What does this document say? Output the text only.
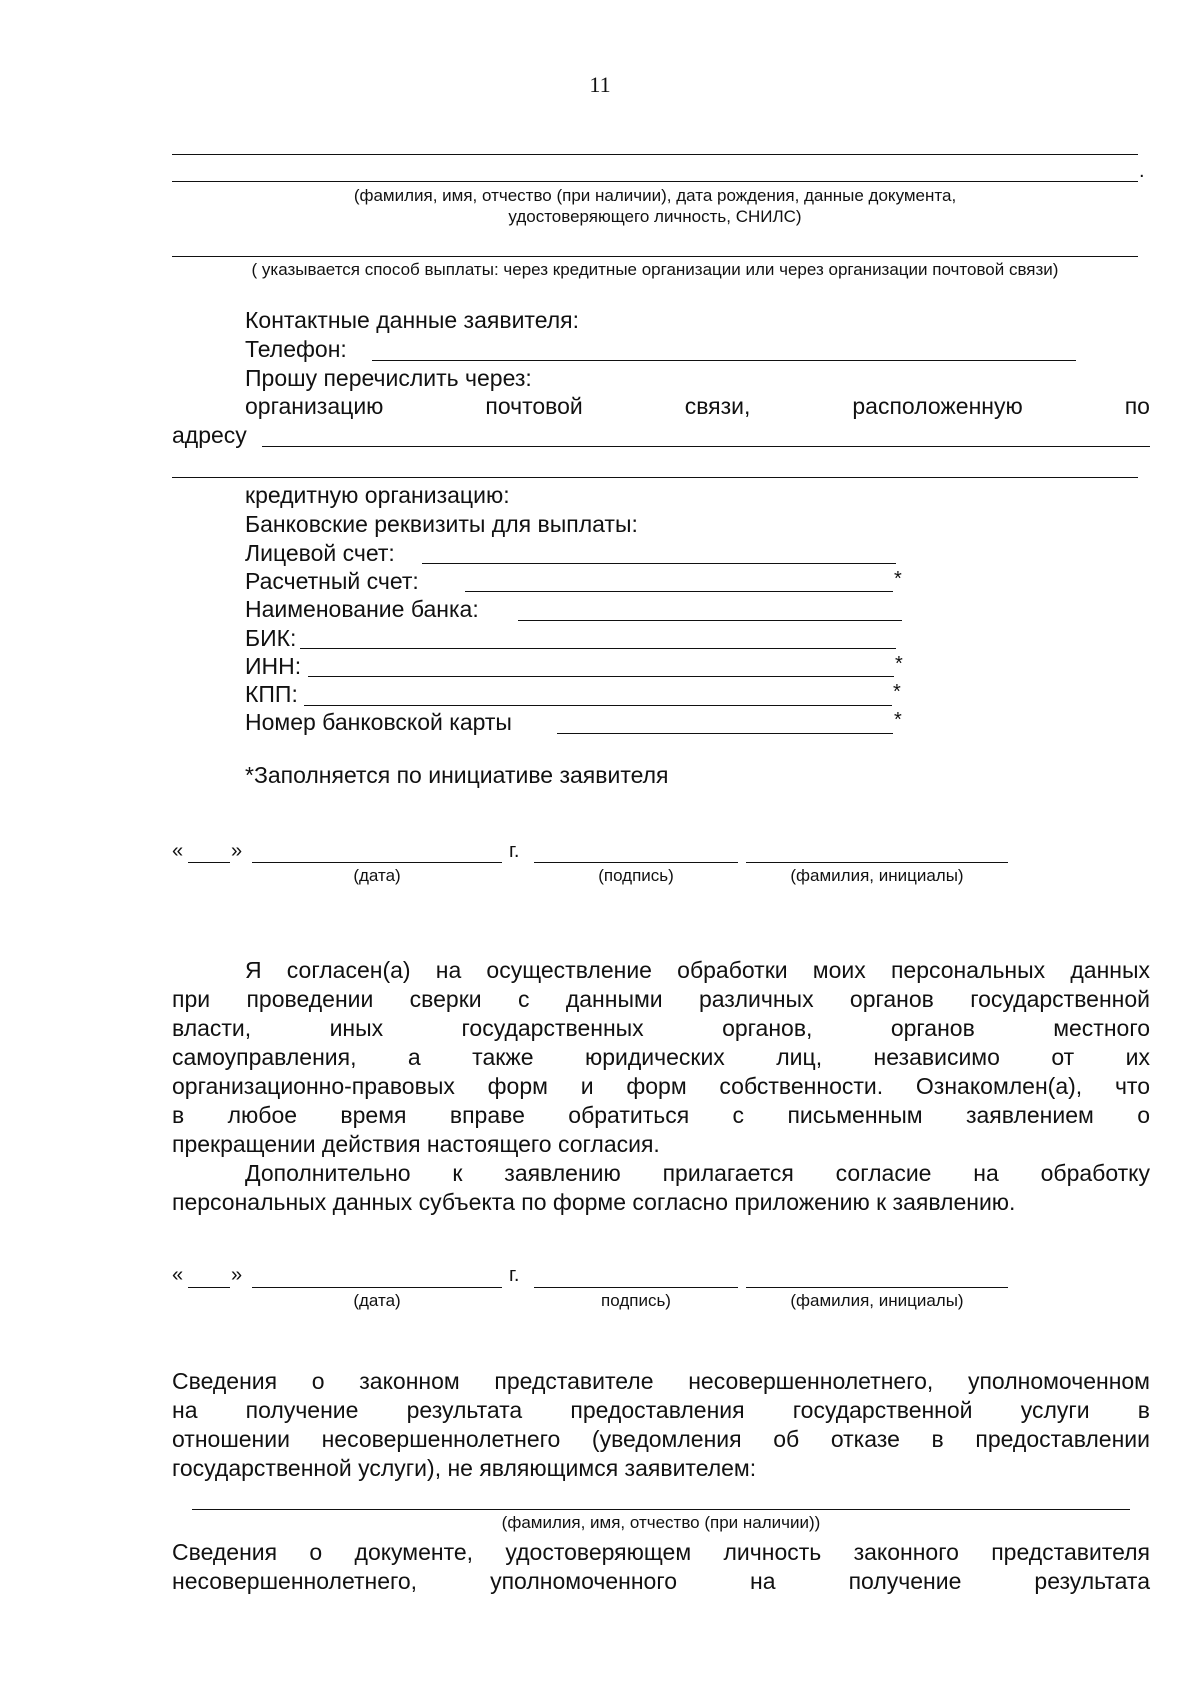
11
.
(фамилия, имя, отчество (при наличии), дата рождения, данные документа,
удостоверяющего личность, СНИЛС)
( указывается способ выплаты: через кредитные организации или через организации почтовой связи)
Контактные данные заявителя:
Телефон:
Прошу перечислить через:
организацию	почтовой	связи,	расположенную	по
адресу
кредитную организацию:
Банковские реквизиты для выплаты:
Лицевой счет:
Расчетный счет:	*
Наименование банка:
БИК:
ИНН:	*
КПП:	*
Номер банковской карты	*
*Заполняется по инициативе заявителя
« »	г.
(дата)	(подпись)	(фамилия, инициалы)
Я согласен(а) на осуществление обработки моих персональных данных
при проведении сверки с данными различных органов государственной
власти, иных государственных органов, органов местного
самоуправления, а также юридических лиц, независимо от их
организационно-правовых форм и форм собственности. Ознакомлен(а), что
в любое время вправе обратиться с письменным заявлением о
прекращении действия настоящего согласия.
Дополнительно к заявлению прилагается согласие на обработку
персональных данных субъекта по форме согласно приложению к заявлению.
« »	г.
(дата)	подпись)	(фамилия, инициалы)
Сведения о законном представителе несовершеннолетнего, уполномоченном
на получение результата предоставления государственной услуги в
отношении несовершеннолетнего (уведомления об отказе в предоставлении
государственной услуги), не являющимся заявителем:
(фамилия, имя, отчество (при наличии))
Сведения о документе, удостоверяющем личность законного представителя
несовершеннолетнего, уполномоченного на получение результата
